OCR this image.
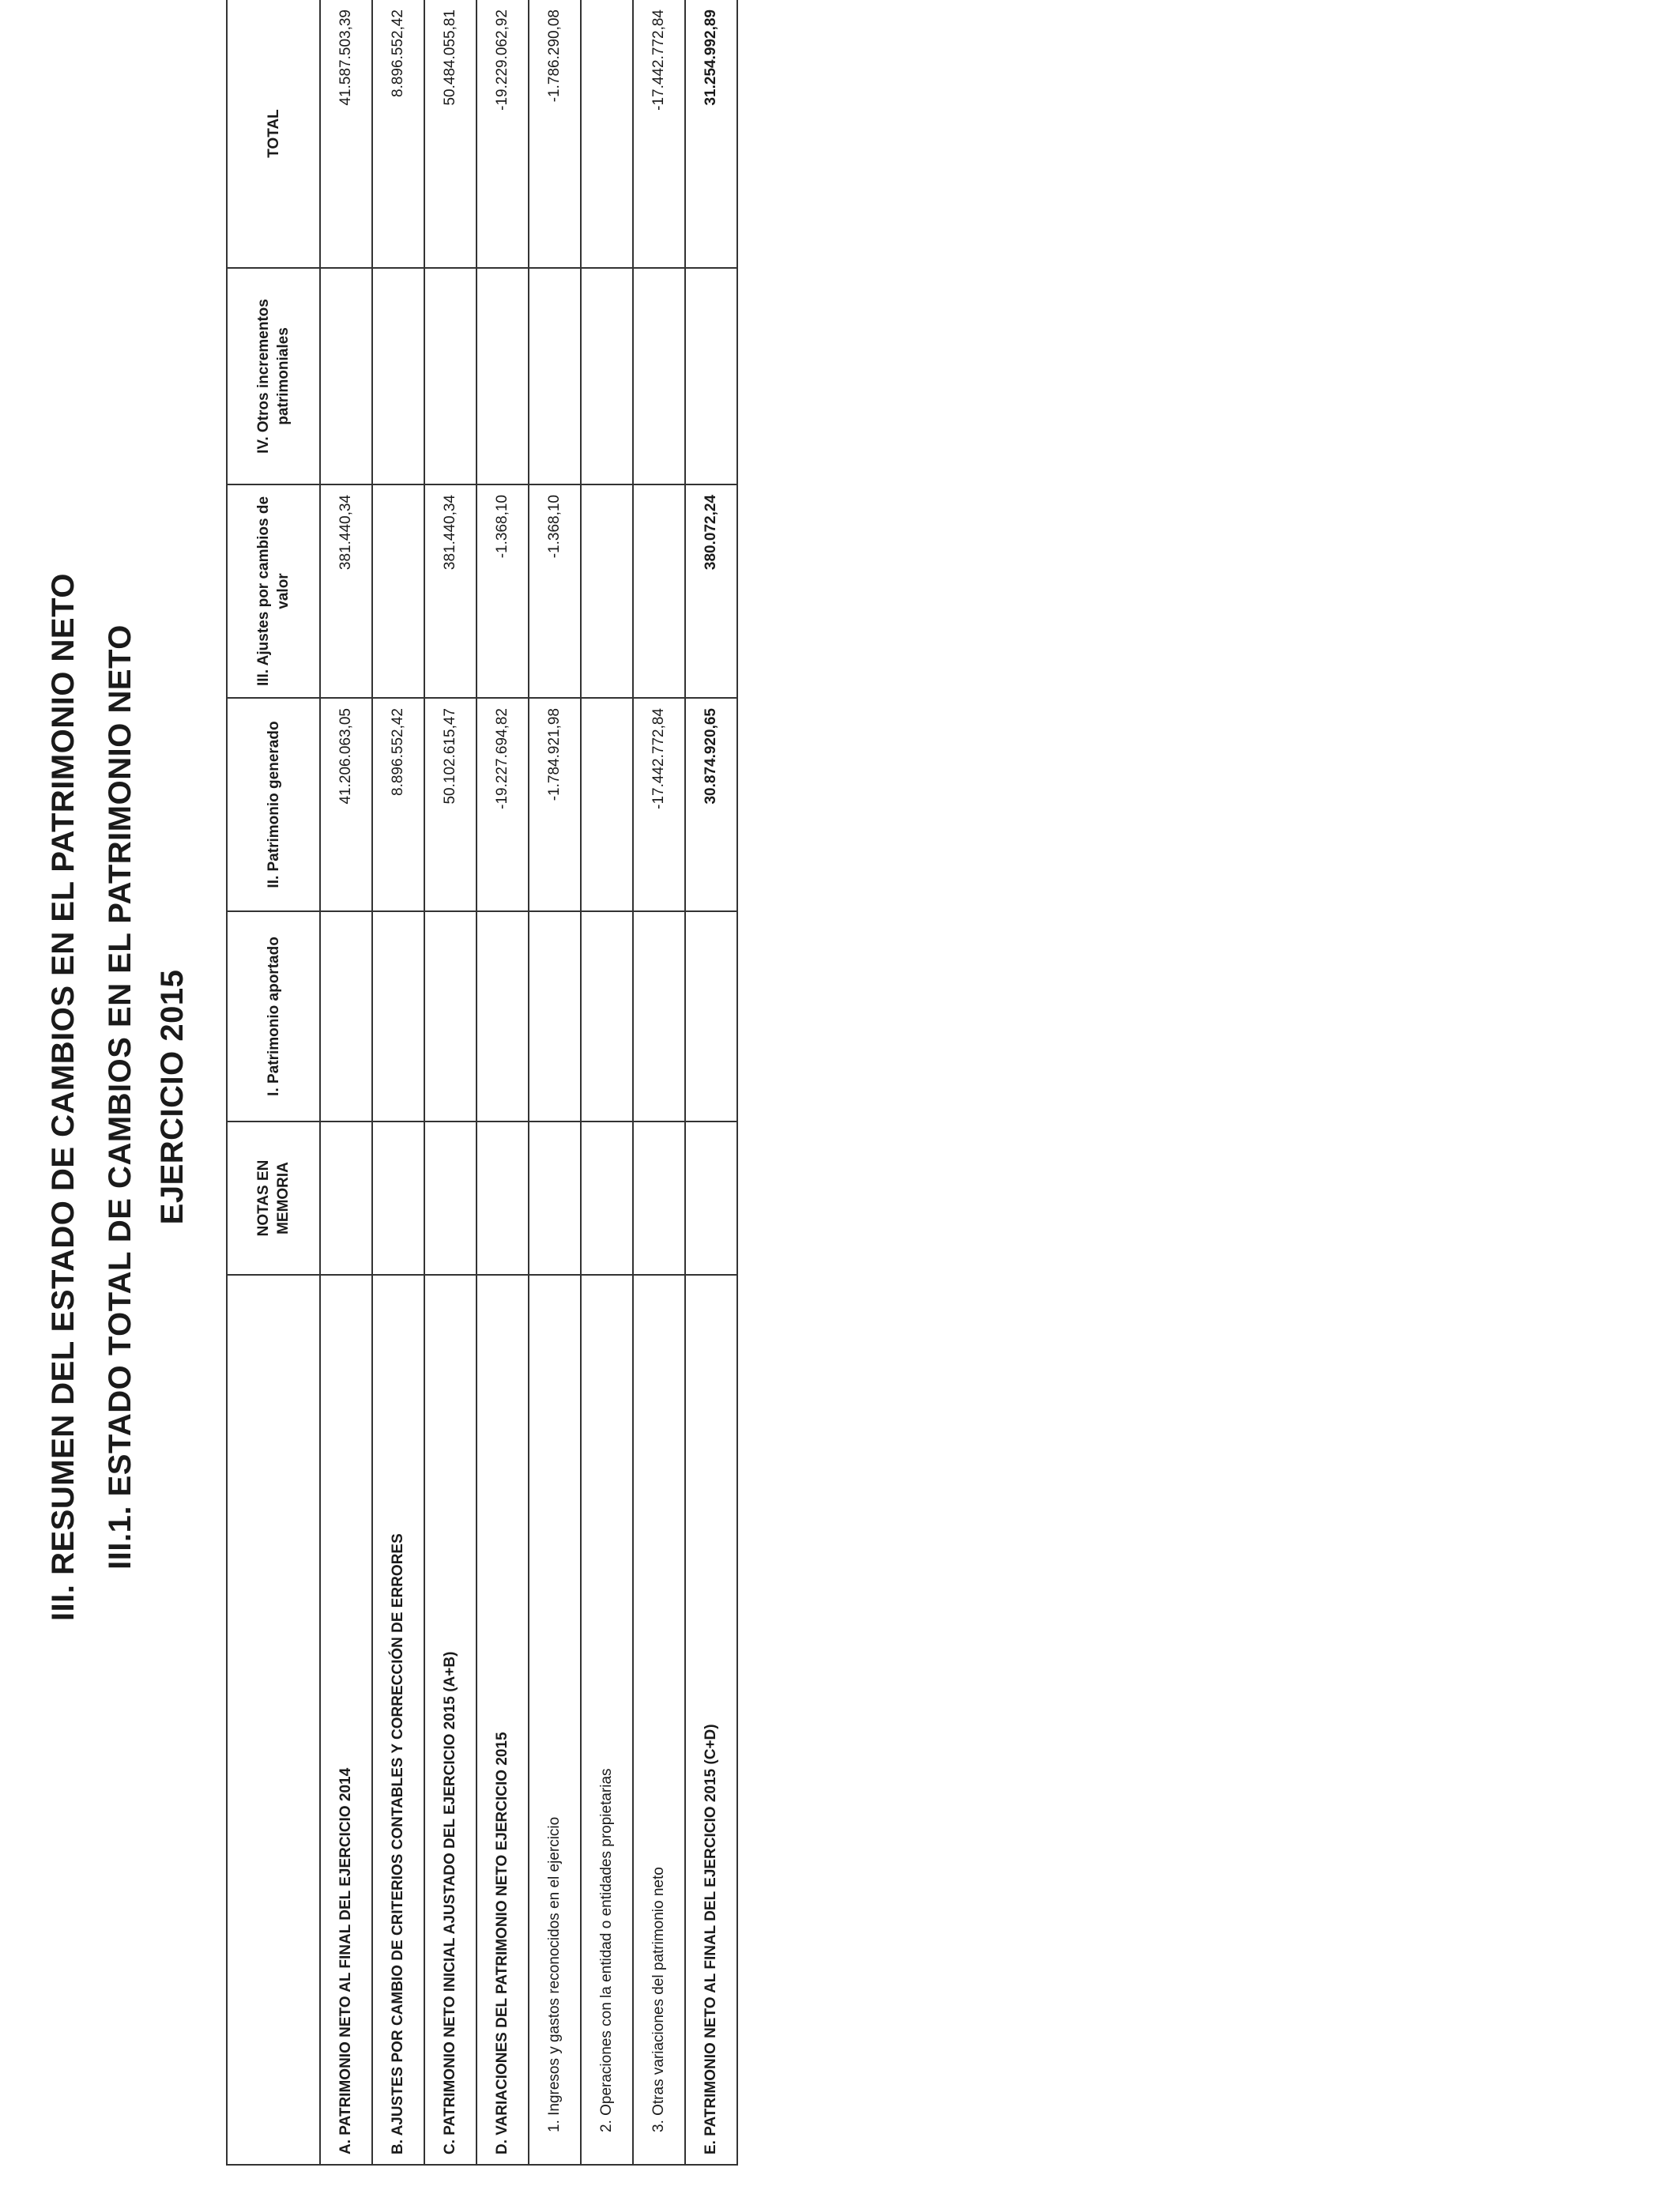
III. RESUMEN DEL ESTADO DE CAMBIOS EN EL PATRIMONIO NETO III.1. ESTADO TOTAL DE CAMBIOS EN EL PATRIMONIO NETO EJERCICIO 2015
		NOTAS EN MEMORIA	I. Patrimonio aportado	II. Patrimonio generado	III. Ajustes por cambios de valor	IV. Otros incrementos patrimoniales	TOTAL
A. PATRIMONIO NETO AL FINAL DEL EJERCICIO 2014			41.206.063,05	381.440,34		41.587.503,39
B. AJUSTES POR CAMBIO DE CRITERIOS CONTABLES Y CORRECCIÓN DE ERRORES			8.896.552,42			8.896.552,42
C. PATRIMONIO NETO INICIAL AJUSTADO DEL EJERCICIO 2015 (A+B)			50.102.615,47	381.440,34		50.484.055,81
D. VARIACIONES DEL PATRIMONIO NETO EJERCICIO 2015			-19.227.694,82	-1.368,10		-19.229.062,92
1. Ingresos y gastos reconocidos en el ejercicio			-1.784.921,98	-1.368,10		-1.786.290,08
2. Operaciones con la entidad o entidades propietarias						
3. Otras variaciones del patrimonio neto			-17.442.772,84			-17.442.772,84
E. PATRIMONIO NETO AL FINAL DEL EJERCICIO 2015 (C+D)			30.874.920,65	380.072,24		31.254.992,89
